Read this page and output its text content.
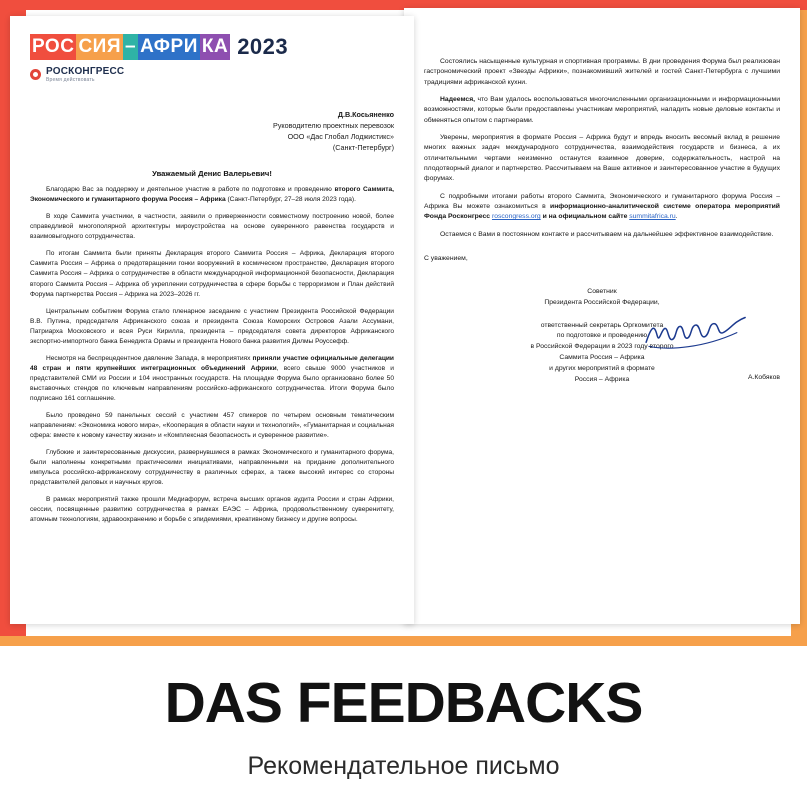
Состоялись насыщенные культурная и спортивная программы. В дни проведения Форума был реализован гастрономический проект «Звезды Африки», познакомивший жителей и гостей Санкт-Петербурга с лучшими традициями африканской кухни.

Надеемся, что Вам удалось воспользоваться многочисленными организационными и информационными возможностями, которые были предоставлены участникам мероприятий, наладить новые деловые контакты и обменяться опытом с партнерами.

Уверены, мероприятия в формате Россия – Африка будут и впредь вносить весомый вклад в решение многих важных задач международного сотрудничества, взаимодействия государств и бизнеса, а их отличительными чертами неизменно останутся взаимное доверие, содержательность, настрой на плодотворный диалог и партнерство. Рассчитываем на Ваше активное и заинтересованное участие в будущих форумах.

С подробными итогами работы второго Саммита, Экономического и гуманитарного форума Россия – Африка Вы можете ознакомиться в информационно-аналитической системе оператора мероприятий Фонда Росконгресс roscongress.org и на официальном сайте summitafrica.ru.

Остаемся с Вами в постоянном контакте и рассчитываем на дальнейшее эффективное взаимодействие.

С уважением,
Советник
Президента Российской Федерации,
ответственный секретарь Оргкомитета
по подготовке и проведению
в Российской Федерации в 2023 году второго
Саммита Россия – Африка
и других мероприятий в формате
Россия – Африка	А.Кобяков
РОС СИЯ – АФРИ КА 2023
РОСКОНГРЕСС
Время действовать
Д.В.Косьяненко
Руководителю проектных перевозок
ООО «Дас Глобал Лоджистикс»
(Санкт-Петербург)
Уважаемый Денис Валерьевич!

Благодарю Вас за поддержку и деятельное участие в работе по подготовке и проведению второго Саммита, Экономического и гуманитарного форума Россия – Африка (Санкт-Петербург, 27–28 июля 2023 года).

В ходе Саммита участники, в частности, заявили о приверженности совместному построению новой, более справедливой многополярной архитектуры мироустройства на основе суверенного равенства государств и взаимовыгодного сотрудничества.

По итогам Саммита были приняты Декларация второго Саммита Россия – Африка, Декларация второго Саммита Россия – Африка о предотвращении гонки вооружений в космическом пространстве, Декларация второго Саммита Россия – Африка о сотрудничестве в области международной информационной безопасности, Декларация второго Саммита Россия – Африка об укреплении сотрудничества в сфере борьбы с терроризмом и План действий Форума партнерства Россия – Африка на 2023–2026 гг.

Центральным событием Форума стало пленарное заседание с участием Президента Российской Федерации В.В. Путина, председателя Африканского союза и президента Союза Коморских Островов Азали Ассумани, Патриарха Московского и всея Руси Кирилла, президента – председателя совета директоров Африканского экспортно-импортного банка Бенедикта Орамы и президента Нового банка развития Дилмы Роуссефф.

Несмотря на беспрецедентное давление Запада, в мероприятиях приняли участие официальные делегации 48 стран и пяти крупнейших интеграционных объединений Африки, всего свыше 9000 участников и представителей СМИ из России и 104 иностранных государств. На площадке Форума было организовано более 50 выставочных стендов по ключевым направлениям российско-африканского сотрудничества. Итоги Форума было подписано 161 соглашение.

Было проведено 59 панельных сессий с участием 457 спикеров по четырем основным тематическим направлениям: «Экономика нового мира», «Кооперация в области науки и технологий», «Гуманитарная и социальная сфера: вместе к новому качеству жизни» и «Комплексная безопасность и суверенное развитие».

Глубокие и заинтересованные дискуссии, развернувшиеся в рамках Экономического и гуманитарного форума, были наполнены конкретными практическими инициативами, направленными на придание дополнительного импульса российско-африканскому сотрудничеству в различных сферах, а также высокий интерес со стороны представителей деловых и научных кругов.

В рамках мероприятий также прошли Медиафорум, встреча высших органов аудита России и стран Африки, сессии, посвященные развитию сотрудничества в рамках ЕАЭС – Африка, продовольственному суверенитету, атомным технологиям, здравоохранению и борьбе с эпидемиями, креативному бизнесу и другие вопросы.

DAS FEEDBACKS
Рекомендательное письмо
